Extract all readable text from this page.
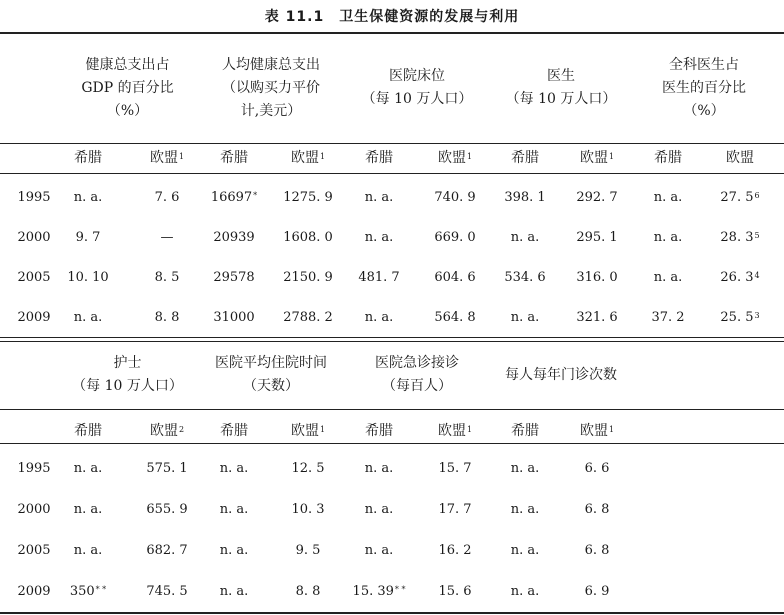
表 11.1　卫生保健资源的发展与利用
健康总支出占
GDP 的百分比
（%）
人均健康总支出
（以购买力平价
计,美元）
医院床位
（每 10 万人口）
医生
（每 10 万人口）
全科医生占
医生的百分比
（%）
希腊	欧盟$^1$	希腊	欧盟$^1$	希腊	欧盟$^1$	希腊	欧盟$^1$	希腊	欧盟
1995	n. a.	7. 6	16697*	1275. 9	n. a.	740. 9	398. 1	292. 7	n. a.	27. $5^6$
2000	9. 7	—	20939	1608. 0	n. a.	669. 0	n. a.	295. 1	n. a.	28. $3^5$
2005	10. 10	8. 5	29578	2150. 9	481. 7	604. 6	534. 6	316. 0	n. a.	26. $3^4$
2009	n. a.	8. 8	31000	2788. 2	n. a.	564. 8	n. a.	321. 6	37. 2	25. $5^3$
护士
（每 10 万人口）
医院平均住院时间
（天数）
医院急诊接诊
（每百人）
每人每年门诊次数
希腊	欧盟$^2$	希腊	欧盟$^1$	希腊	欧盟$^1$	希腊	欧盟$^1$
1995	n. a.	575. 1	n. a.	12. 5	n. a.	15. 7	n. a.	6. 6
2000	n. a.	655. 9	n. a.	10. 3	n. a.	17. 7	n. a.	6. 8
2005	n. a.	682. 7	n. a.	9. 5	n. a.	16. 2	n. a.	6. 8
2009	350* *	745. 5	n. a.	8. 8	15. 39* *	15. 6	n. a.	6. 9
